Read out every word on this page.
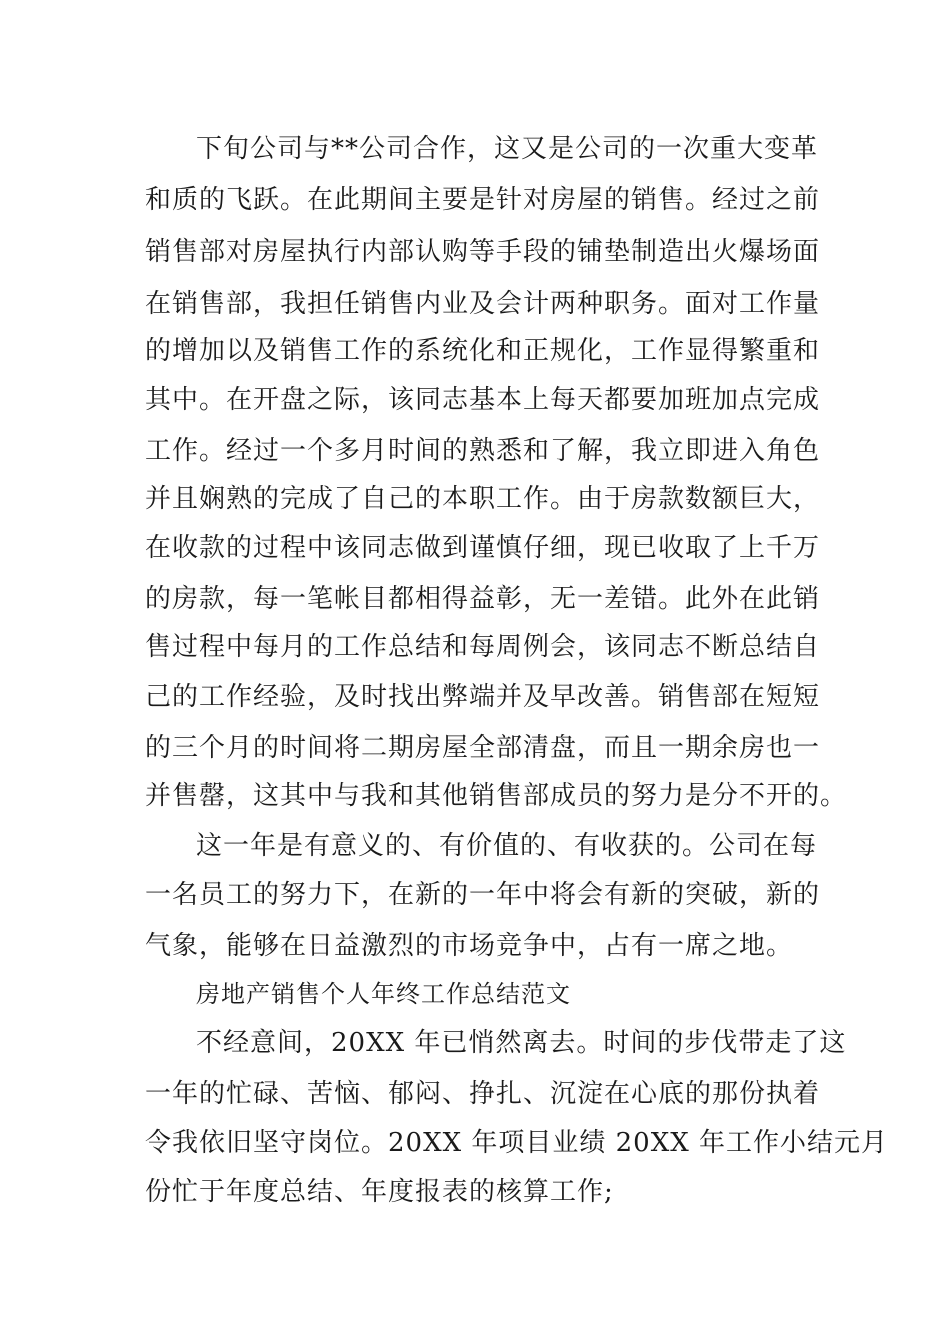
下旬公司与**公司合作，这又是公司的一次重大变革

和质的飞跃。在此期间主要是针对房屋的销售。经过之前

销售部对房屋执行内部认购等手段的铺垫制造出火爆场面

在销售部，我担任销售内业及会计两种职务。面对工作量

的增加以及销售工作的系统化和正规化，工作显得繁重和

其中。在开盘之际，该同志基本上每天都要加班加点完成

工作。经过一个多月时间的熟悉和了解，我立即进入角色

并且娴熟的完成了自己的本职工作。由于房款数额巨大，

在收款的过程中该同志做到谨慎仔细，现已收取了上千万

的房款，每一笔帐目都相得益彰，无一差错。此外在此销

售过程中每月的工作总结和每周例会，该同志不断总结自

己的工作经验，及时找出弊端并及早改善。销售部在短短

的三个月的时间将二期房屋全部清盘，而且一期余房也一

并售罄，这其中与我和其他销售部成员的努力是分不开的。

这一年是有意义的、有价值的、有收获的。公司在每

一名员工的努力下，在新的一年中将会有新的突破，新的

气象，能够在日益激烈的市场竞争中，占有一席之地。

房地产销售个人年终工作总结范文

不经意间，20XX 年已悄然离去。时间的步伐带走了这

一年的忙碌、苦恼、郁闷、挣扎、沉淀在心底的那份执着

令我依旧坚守岗位。20XX 年项目业绩 20XX 年工作小结元月

份忙于年度总结、年度报表的核算工作;
